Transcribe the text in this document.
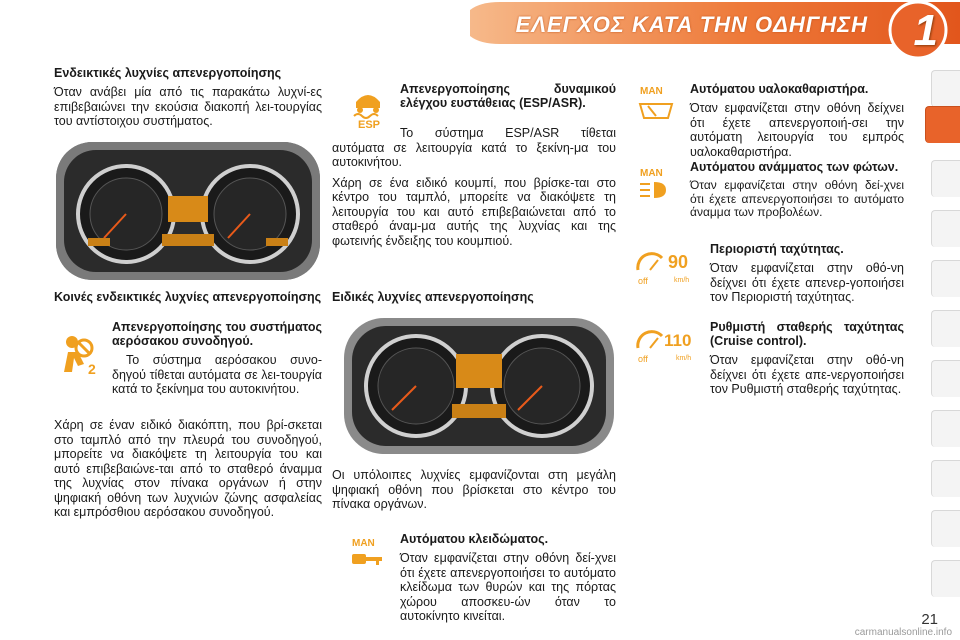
ΕΛΕΓΧΟΣ ΚΑΤΑ ΤΗΝ ΟΔΗΓΗΣΗ 1
Ενδεικτικές λυχνίες απενεργοποίησης

Όταν ανάβει μία από τις παρακάτω λυχνί-ες επιβεβαιώνει την εκούσια διακοπή λει-τουργίας του αντίστοιχου συστήματος.

Κοινές ενδεικτικές λυχνίες απενεργοποίησης
2
Απενεργοποίησης του συστήματος αερόσακου συνοδηγού.

Το σύστημα αερόσακου συνο-δηγού τίθεται αυτόματα σε λει-τουργία κατά το ξεκίνημα του αυτοκινήτου.

Χάρη σε έναν ειδικό διακόπτη, που βρί-σκεται στο ταμπλό από την πλευρά του συνοδηγού, μπορείτε να διακόψετε τη λειτουργία του και αυτό επιβεβαιώνε-ται από το σταθερό άναμμα της λυχνίας στον πίνακα οργάνων ή στην ψηφιακή οθόνη των λυχνιών ζώνης ασφαλείας και εμπρόσθιου αερόσακου συνοδηγού.

ESP
Απενεργοποίησης δυναμικού ελέγχου ευστάθειας (ESP/ASR).

Το σύστημα ESP/ASR τίθεται αυτόματα σε λειτουργία κατά το ξεκίνη-μα του αυτοκινήτου.

Χάρη σε ένα ειδικό κουμπί, που βρίσκε-ται στο κέντρο του ταμπλό, μπορείτε να διακόψετε τη λειτουργία του και αυτό επιβεβαιώνεται από το σταθερό άναμ-μα αυτής της λυχνίας και της φωτεινής ένδειξης του κουμπιού.

Ειδικές λυχνίες απενεργοποίησης

Οι υπόλοιπες λυχνίες εμφανίζονται στη μεγάλη ψηφιακή οθόνη που βρίσκεται στο κέντρο του πίνακα οργάνων.

MAN Αυτόματου κλειδώματος.

Όταν εμφανίζεται στην οθόνη δεί-χνει ότι έχετε απενεργοποιήσει το αυτόματο κλείδωμα των θυρών και της πόρτας χώρου αποσκευ-ών όταν το αυτοκίνητο κινείται.

MAN Αυτόματου υαλοκαθαριστήρα.

Όταν εμφανίζεται στην οθόνη δείχνει ότι έχετε απενεργοποιή-σει την αυτόματη λειτουργία του εμπρός υαλοκαθαριστήρα.

MAN Αυτόματου ανάμματος των φώτων.

Όταν εμφανίζεται στην οθόνη δεί-χνει ότι έχετε απενεργοποιήσει το αυτόματο άναμμα των προβολέων.

off
90
km/h
Περιοριστή ταχύτητας.

Όταν εμφανίζεται στην οθό-νη δείχνει ότι έχετε απενερ-γοποιήσει τον Περιοριστή ταχύτητας.

off
110
km/h
Ρυθμιστή σταθερής ταχύτητας (Cruise control).

Όταν εμφανίζεται στην οθό-νη δείχνει ότι έχετε απε-νεργοποιήσει τον Ρυθμιστή σταθερής ταχύτητας.

21
carmanualsonline.info
